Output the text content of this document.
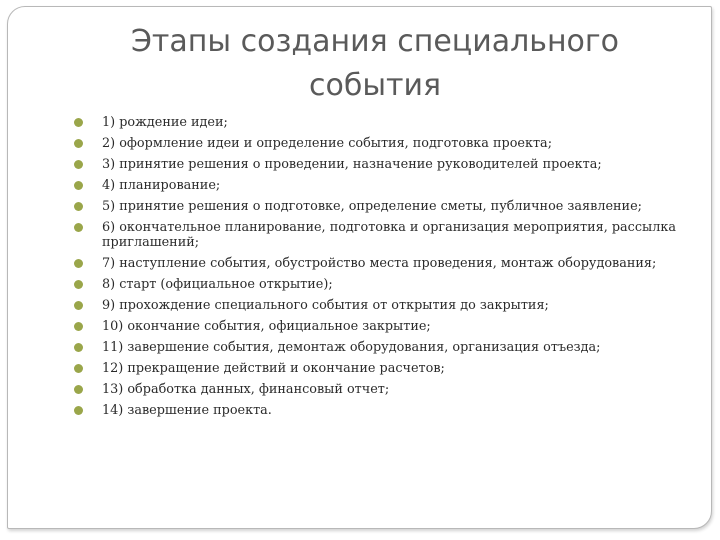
Этапы создания специального
события
1) рождение идеи;
2) оформление идеи и определение события, подготовка проекта;
3) принятие решения о проведении, назначение руководителей проекта;
4) планирование;
5) принятие решения о подготовке, определение сметы, публичное заявление;
6) окончательное планирование, подготовка и организация мероприятия, рассылка приглашений;
7) наступление события, обустройство места проведения, монтаж оборудования;
8) старт (официальное открытие);
9) прохождение специального события от открытия до закрытия;
10) окончание события, официальное закрытие;
11) завершение события, демонтаж оборудования, организация отъезда;
12) прекращение действий и окончание расчетов;
13) обработка данных, финансовый отчет;
14) завершение проекта.
